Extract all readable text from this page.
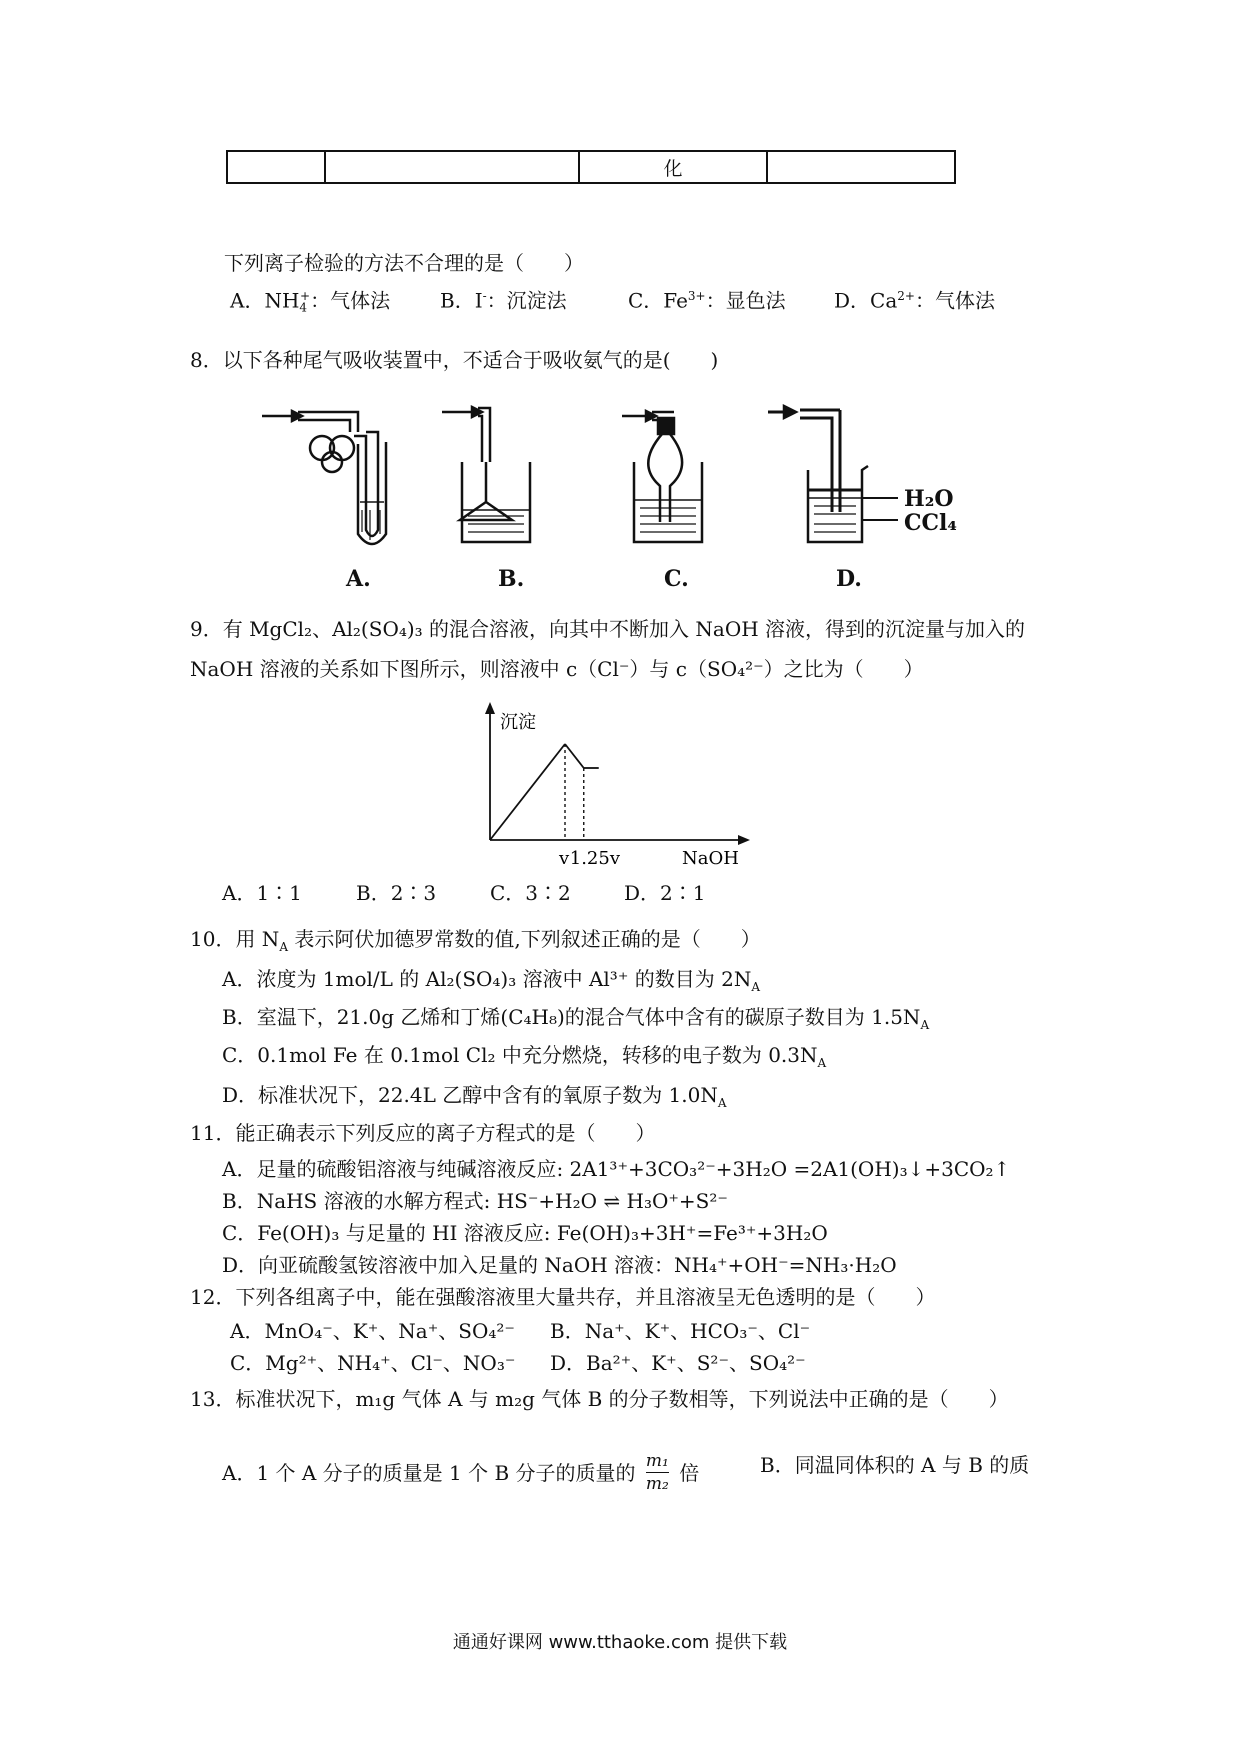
		化	
下列离子检验的方法不合理的是（　　）
A．$NH_4^+$：气体法 B．I-：沉淀法	C．$Fe^{3+}$：显色法 D．$Ca^{2+}$：气体法
8．以下各种尾气吸收装置中，不适合于吸收氨气的是(　　)
H₂O
CCl₄
A.	B.	C.	D.
9．有 MgCl₂、Al₂(SO₄)₃ 的混合溶液，向其中不断加入 NaOH 溶液，得到的沉淀量与加入的
NaOH 溶液的关系如下图所示，则溶液中 c（Cl⁻）与 c（SO₄²⁻）之比为（　　）
沉淀
NaOH
v 1.25v
A．1∶1	B．2∶3	C．3∶2	D．2∶1
10．用 $N_A$ 表示阿伏加德罗常数的值,下列叙述正确的是（　　）
A．浓度为 1mol/L 的 Al₂(SO₄)₃ 溶液中 Al³⁺ 的数目为 $2N_A$
B．室温下，21.0g 乙烯和丁烯(C₄H₈)的混合气体中含有的碳原子数目为 $1.5N_A$
C．0.1mol Fe 在 0.1mol Cl₂ 中充分燃烧，转移的电子数为 $0.3N_A$
D．标准状况下，22.4L 乙醇中含有的氧原子数为 $1.0N_A$
11．能正确表示下列反应的离子方程式的是（　　）
A．足量的硫酸铝溶液与纯碱溶液反应: 2A1³⁺+3CO₃²⁻+3H₂O =2A1(OH)₃↓+3CO₂↑
B．NaHS 溶液的水解方程式: HS⁻+H₂O ⇌ H₃O⁺+S²⁻
C．Fe(OH)₃ 与足量的 HI 溶液反应: Fe(OH)₃+3H⁺=Fe³⁺+3H₂O
D．向亚硫酸氢铵溶液中加入足量的 NaOH 溶液：NH₄⁺+OH⁻=NH₃·H₂O
12．下列各组离子中，能在强酸溶液里大量共存，并且溶液呈无色透明的是（　　）
A．MnO₄⁻、K⁺、Na⁺、SO₄²⁻ B．Na⁺、K⁺、HCO₃⁻、Cl⁻
C．Mg²⁺、NH₄⁺、Cl⁻、NO₃⁻ D．Ba²⁺、K⁺、S²⁻、SO₄²⁻
13．标准状况下，m₁g 气体 A 与 m₂g 气体 B 的分子数相等，下列说法中正确的是（　　）
A．1 个 A 分子的质量是 1 个 B 分子的质量的 $\frac{\text{m₁}}{\text{m₂}}$ 倍	B．同温同体积的 A 与 B 的质
通通好课网 www.tthaoke.com 提供下载
